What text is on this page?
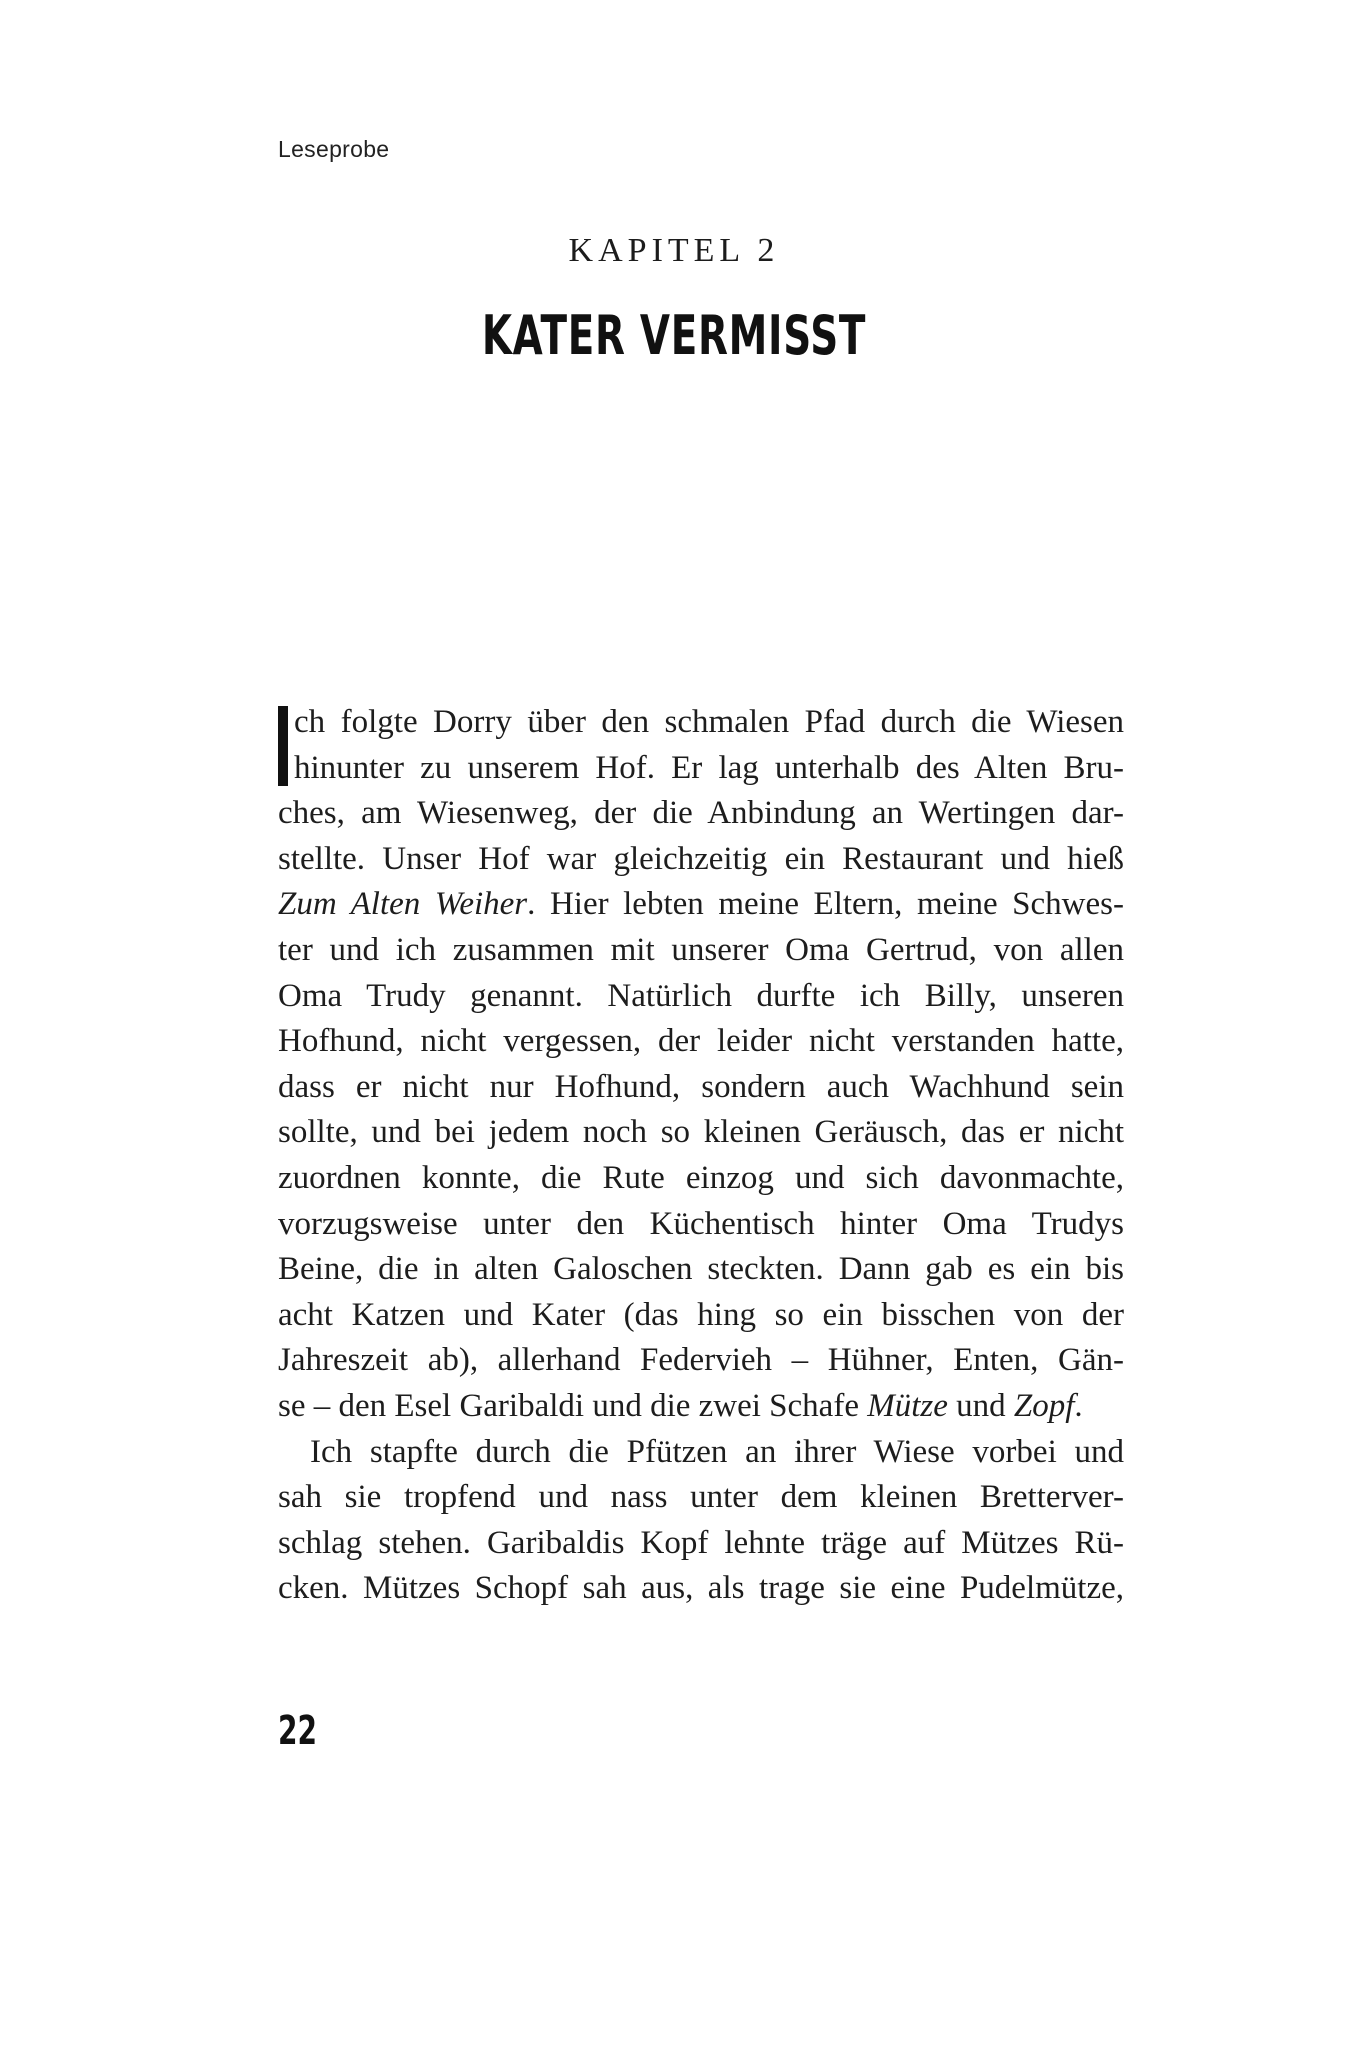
Leseprobe
KAPITEL 2
KATER VERMISST
ch folgte Dorry über den schmalen Pfad durch die Wiesen
hinunter zu unserem Hof. Er lag unterhalb des Alten Bru-
ches, am Wiesenweg, der die Anbindung an Wertingen dar-
stellte. Unser Hof war gleichzeitig ein Restaurant und hieß
Zum Alten Weiher. Hier lebten meine Eltern, meine Schwes-
ter und ich zusammen mit unserer Oma Gertrud, von allen
Oma Trudy genannt. Natürlich durfte ich Billy, unseren
Hofhund, nicht vergessen, der leider nicht verstanden hatte,
dass er nicht nur Hofhund, sondern auch Wachhund sein
sollte, und bei jedem noch so kleinen Geräusch, das er nicht
zuordnen konnte, die Rute einzog und sich davonmachte,
vorzugsweise unter den Küchentisch hinter Oma Trudys
Beine, die in alten Galoschen steckten. Dann gab es ein bis
acht Katzen und Kater (das hing so ein bisschen von der
Jahreszeit ab), allerhand Federvieh – Hühner, Enten, Gän-
se – den Esel Garibaldi und die zwei Schafe Mütze und Zopf.
Ich stapfte durch die Pfützen an ihrer Wiese vorbei und
sah sie tropfend und nass unter dem kleinen Bretterver-
schlag stehen. Garibaldis Kopf lehnte träge auf Mützes Rü-
cken. Mützes Schopf sah aus, als trage sie eine Pudelmütze,
22
